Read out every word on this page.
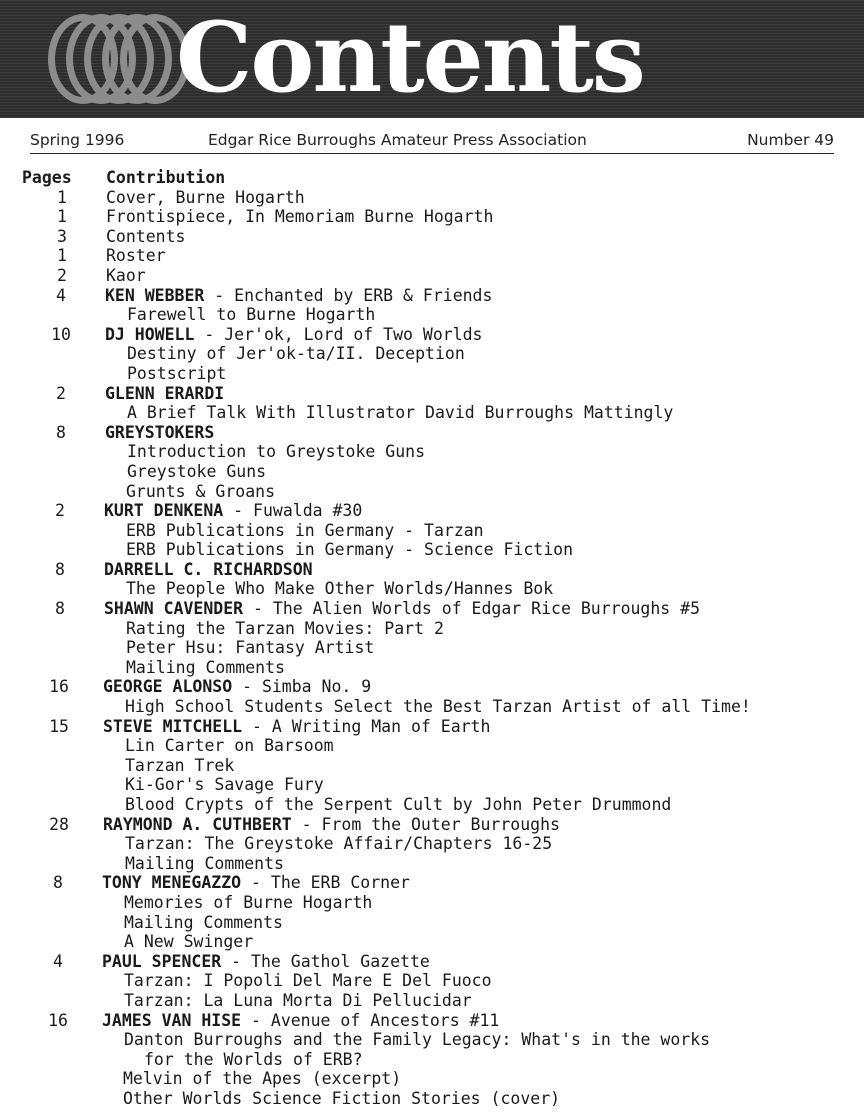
Contents
Spring 1996	Edgar Rice Burroughs Amateur Press Association	Number 49
Pages	Contribution
1	Cover, Burne Hogarth
1	Frontispiece, In Memoriam Burne Hogarth
3	Contents
1	Roster
2	Kaor
4	KEN WEBBER - Enchanted by ERB & Friends
Farewell to Burne Hogarth
10	DJ HOWELL - Jer'ok, Lord of Two Worlds
Destiny of Jer'ok-ta/II. Deception
Postscript
2	GLENN ERARDI
A Brief Talk With Illustrator David Burroughs Mattingly
8	GREYSTOKERS
Introduction to Greystoke Guns
Greystoke Guns
Grunts & Groans
2	KURT DENKENA - Fuwalda #30
ERB Publications in Germany - Tarzan
ERB Publications in Germany - Science Fiction
8	DARRELL C. RICHARDSON
The People Who Make Other Worlds/Hannes Bok
8	SHAWN CAVENDER - The Alien Worlds of Edgar Rice Burroughs #5
Rating the Tarzan Movies: Part 2
Peter Hsu: Fantasy Artist
Mailing Comments
16	GEORGE ALONSO - Simba No. 9
High School Students Select the Best Tarzan Artist of all Time!
15	STEVE MITCHELL - A Writing Man of Earth
Lin Carter on Barsoom
Tarzan Trek
Ki-Gor's Savage Fury
Blood Crypts of the Serpent Cult by John Peter Drummond
28	RAYMOND A. CUTHBERT - From the Outer Burroughs
Tarzan: The Greystoke Affair/Chapters 16-25
Mailing Comments
8	TONY MENEGAZZO - The ERB Corner
Memories of Burne Hogarth
Mailing Comments
A New Swinger
4	PAUL SPENCER - The Gathol Gazette
Tarzan: I Popoli Del Mare E Del Fuoco
Tarzan: La Luna Morta Di Pellucidar
16	JAMES VAN HISE - Avenue of Ancestors #11
Danton Burroughs and the Family Legacy: What's in the works
for the Worlds of ERB?
Melvin of the Apes (excerpt)
Other Worlds Science Fiction Stories (cover)
